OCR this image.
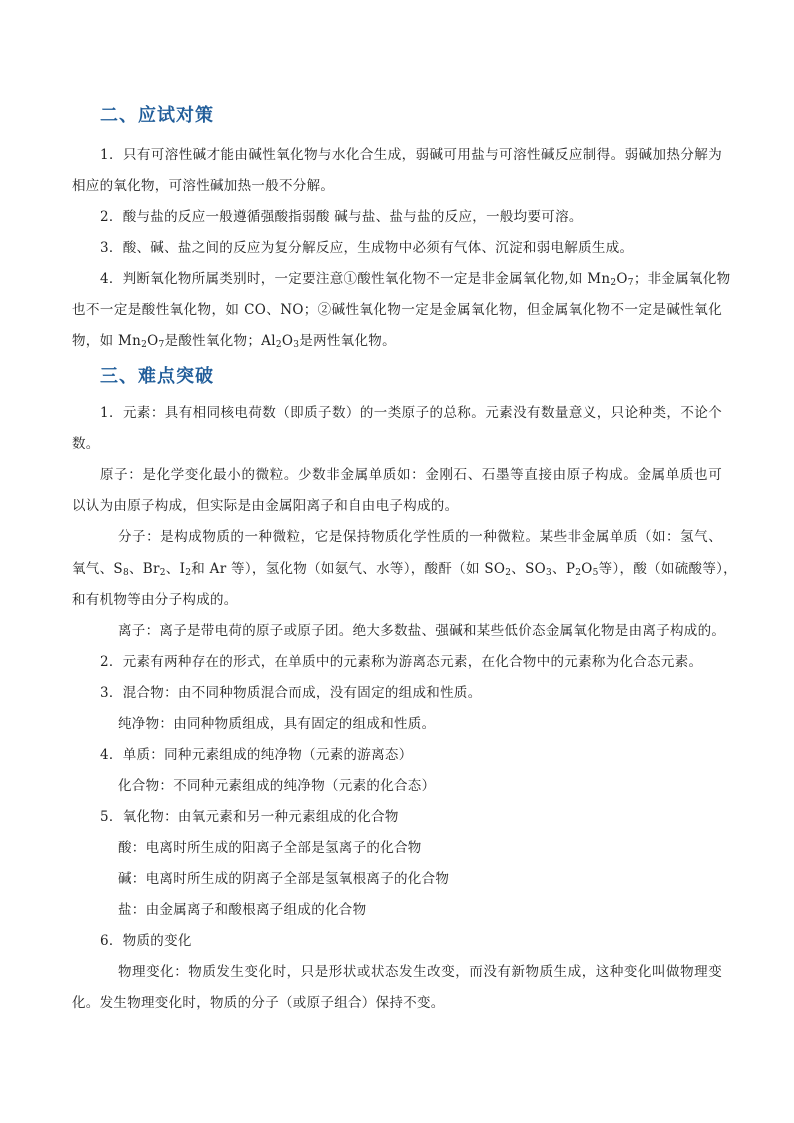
二、应试对策
1．只有可溶性碱才能由碱性氧化物与水化合生成，弱碱可用盐与可溶性碱反应制得。弱碱加热分解为
相应的氧化物，可溶性碱加热一般不分解。
2．酸与盐的反应一般遵循强酸指弱酸 碱与盐、盐与盐的反应，一般均要可溶。
3．酸、碱、盐之间的反应为复分解反应，生成物中必须有气体、沉淀和弱电解质生成。
4．判断氧化物所属类别时，一定要注意①酸性氧化物不一定是非金属氧化物,如 $Mn_2O_7$；非金属氧化物
也不一定是酸性氧化物，如 CO、NO；②碱性氧化物一定是金属氧化物，但金属氧化物不一定是碱性氧化
物，如 $Mn_2O_7$是酸性氧化物；$Al_2O_3$是两性氧化物。
三、难点突破
1．元素：具有相同核电荷数（即质子数）的一类原子的总称。元素没有数量意义，只论种类，不论个
数。
原子：是化学变化最小的微粒。少数非金属单质如：金刚石、石墨等直接由原子构成。金属单质也可
以认为由原子构成，但实际是由金属阳离子和自由电子构成的。
分子：是构成物质的一种微粒，它是保持物质化学性质的一种微粒。某些非金属单质（如：氢气、
氧气、$S_8$、$Br_2$、$I_2$和 Ar 等），氢化物（如氨气、水等），酸酐（如 $SO_2$、$SO_3$、$P_2O_5$等），酸（如硫酸等），
和有机物等由分子构成的。
离子：离子是带电荷的原子或原子团。绝大多数盐、强碱和某些低价态金属氧化物是由离子构成的。
2．元素有两种存在的形式，在单质中的元素称为游离态元素，在化合物中的元素称为化合态元素。
3．混合物：由不同种物质混合而成，没有固定的组成和性质。
纯净物：由同种物质组成，具有固定的组成和性质。
4．单质：同种元素组成的纯净物（元素的游离态）
化合物：不同种元素组成的纯净物（元素的化合态）
5．氧化物：由氧元素和另一种元素组成的化合物
酸：电离时所生成的阳离子全部是氢离子的化合物
碱：电离时所生成的阴离子全部是氢氧根离子的化合物
盐：由金属离子和酸根离子组成的化合物
6．物质的变化
物理变化：物质发生变化时，只是形状或状态发生改变，而没有新物质生成，这种变化叫做物理变
化。发生物理变化时，物质的分子（或原子组合）保持不变。
